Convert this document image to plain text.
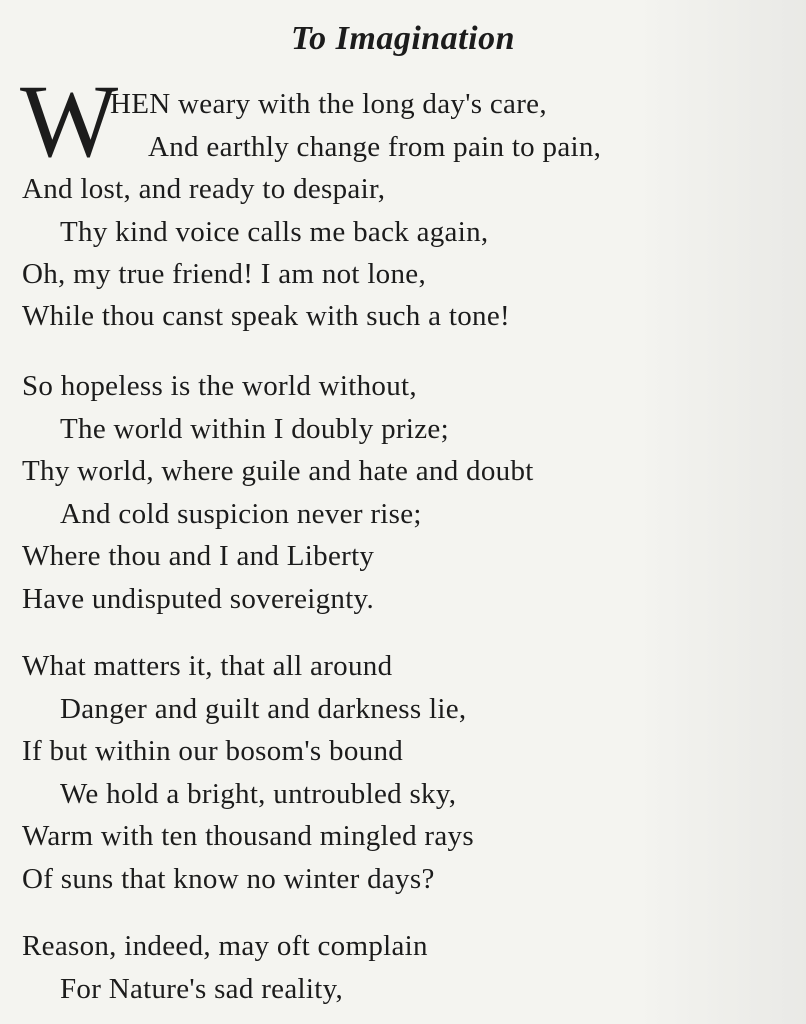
To Imagination
W
HEN weary with the long day's care,
And earthly change from pain to pain,
And lost, and ready to despair,
Thy kind voice calls me back again,
Oh, my true friend! I am not lone,
While thou canst speak with such a tone!
So hopeless is the world without,
The world within I doubly prize;
Thy world, where guile and hate and doubt
And cold suspicion never rise;
Where thou and I and Liberty
Have undisputed sovereignty.
What matters it, that all around
Danger and guilt and darkness lie,
If but within our bosom's bound
We hold a bright, untroubled sky,
Warm with ten thousand mingled rays
Of suns that know no winter days?
Reason, indeed, may oft complain
For Nature's sad reality,
